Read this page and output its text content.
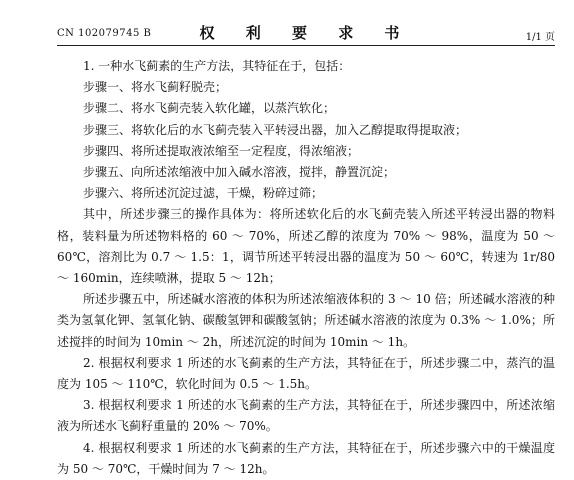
CN 102079745 B	权 利 要 求 书	1/1 页

1. 一种水飞蓟素的生产方法，其特征在于，包括：

步骤一、将水飞蓟籽脱壳；

步骤二、将水飞蓟壳装入软化罐，以蒸汽软化；

步骤三、将软化后的水飞蓟壳装入平转浸出器，加入乙醇提取得提取液；

步骤四、将所述提取液浓缩至一定程度，得浓缩液；

步骤五、向所述浓缩液中加入碱水溶液，搅拌，静置沉淀；

步骤六、将所述沉淀过滤，干燥，粉碎过筛；

其中，所述步骤三的操作具体为：将所述软化后的水飞蓟壳装入所述平转浸出器的物料格，装料量为所述物料格的 60 ～ 70%，所述乙醇的浓度为 70% ～ 98%，温度为 50 ～ 60℃，溶剂比为 0.7 ～ 1.5：1，调节所述平转浸出器的温度为 50 ～ 60℃，转速为 1r/80 ～ 160min，连续喷淋，提取 5 ～ 12h；

所述步骤五中，所述碱水溶液的体积为所述浓缩液体积的 3 ～ 10 倍；所述碱水溶液的种类为氢氧化钾、氢氧化钠、碳酸氢钾和碳酸氢钠；所述碱水溶液的浓度为 0.3% ～ 1.0%；所述搅拌的时间为 10min ～ 2h，所述沉淀的时间为 10min ～ 1h。

2. 根据权利要求 1 所述的水飞蓟素的生产方法，其特征在于，所述步骤二中，蒸汽的温度为 105 ～ 110℃，软化时间为 0.5 ～ 1.5h。

3. 根据权利要求 1 所述的水飞蓟素的生产方法，其特征在于，所述步骤四中，所述浓缩液为所述水飞蓟籽重量的 20% ～ 70%。

4. 根据权利要求 1 所述的水飞蓟素的生产方法，其特征在于，所述步骤六中的干燥温度为 50 ～ 70℃，干燥时间为 7 ～ 12h。
